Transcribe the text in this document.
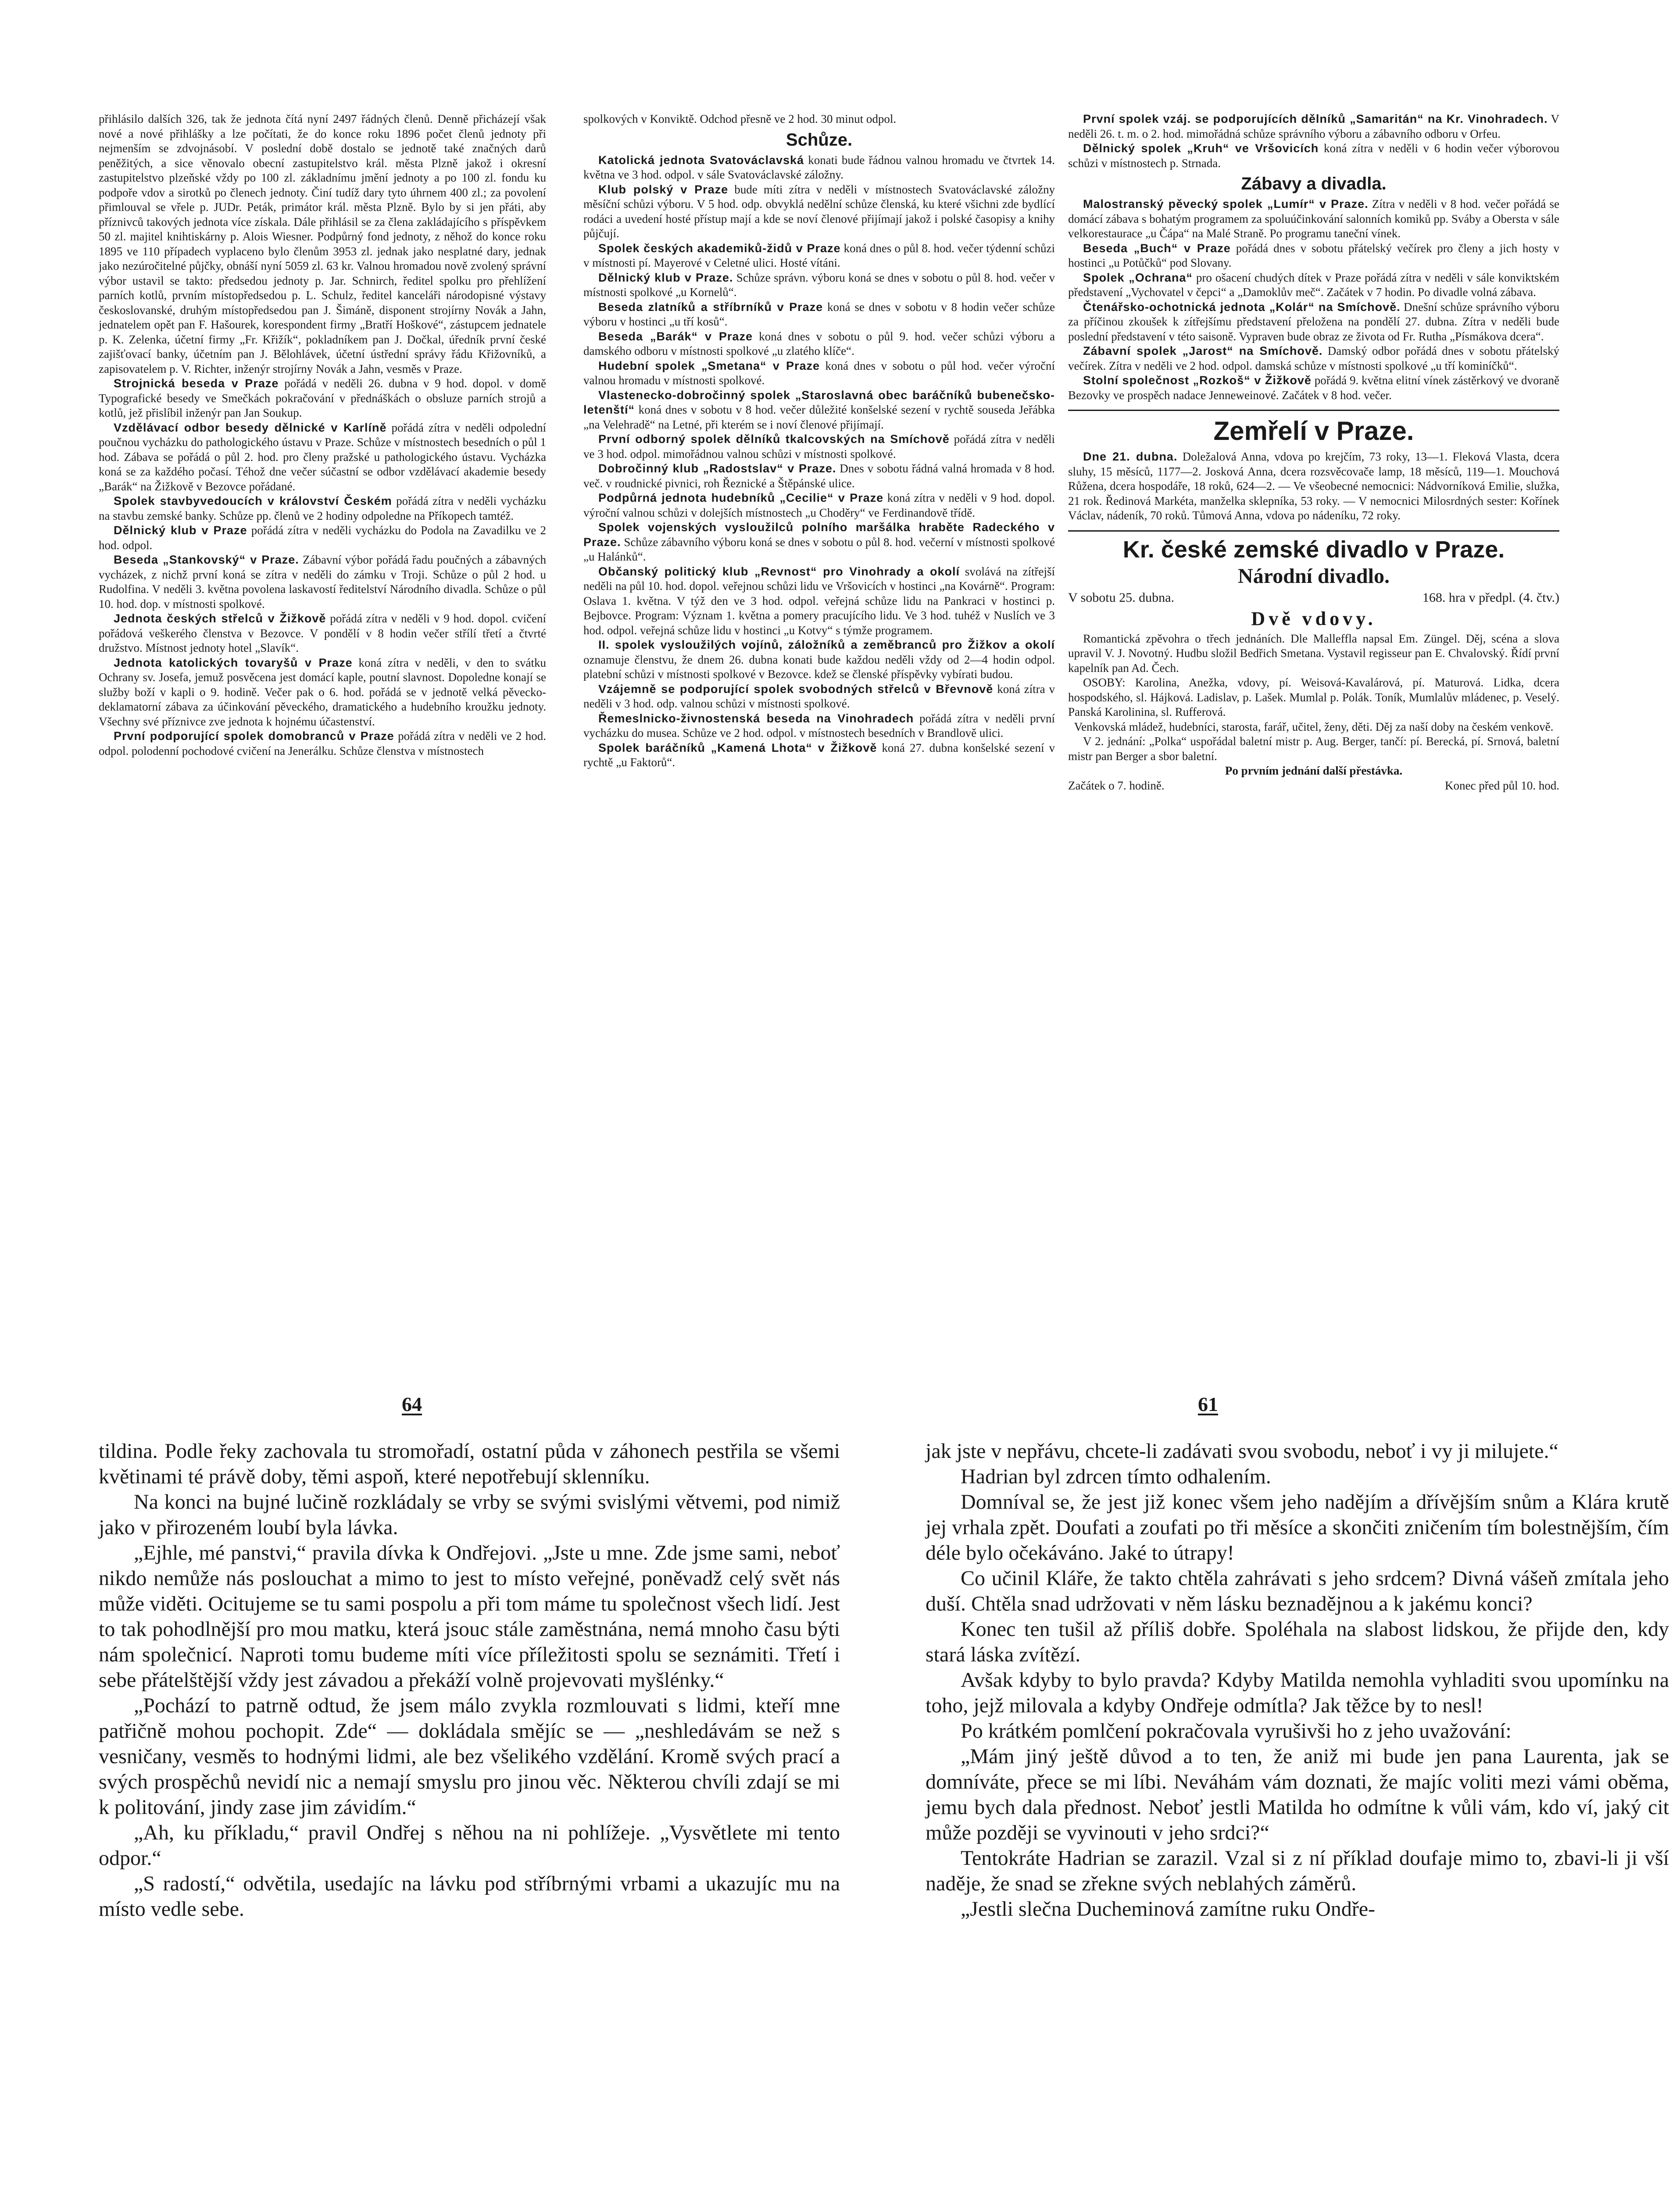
přihlásilo dalších 326, tak že jednota čítá nyní 2497 řádných členů. Denně přicházejí však nové a nové přihlášky a lze počítati, že do konce roku 1896 počet členů jednoty při nejmenším se zdvojnásobí. V poslední době dostalo se jednotě také značných darů peněžitých, a sice věnovalo obecní zastupitelstvo král. města Plzně jakož i okresní zastupitelstvo plzeňské vždy po 100 zl. základnímu jmění jednoty a po 100 zl. fondu ku podpoře vdov a sirotků po členech jednoty. Činí tudíž dary tyto úhrnem 400 zl.; za povolení přimlouval se vřele p. JUDr. Peták, primátor král. města Plzně. Bylo by si jen přáti, aby příznivců takových jednota více získala. Dále přihlásil se za člena zakládajícího s příspěvkem 50 zl. majitel knihtiskárny p. Alois Wiesner. Podpůrný fond jednoty, z něhož do konce roku 1895 ve 110 případech vyplaceno bylo členům 3953 zl. jednak jako nesplatné dary, jednak jako nezúročitelné půjčky, obnáší nyní 5059 zl. 63 kr. Valnou hromadou nově zvolený správní výbor ustavil se takto: předsedou jednoty p. Jar. Schnirch, ředitel spolku pro přehlížení parních kotlů, prvním místopředsedou p. L. Schulz, ředitel kanceláři národopisné výstavy českoslovanské, druhým místopředsedou pan J. Šimáně, disponent strojírny Novák a Jahn, jednatelem opět pan F. Hašourek, korespondent firmy „Bratří Hoškové“, zástupcem jednatele p. K. Zelenka, účetní firmy „Fr. Křižík“, pokladníkem pan J. Dočkal, úředník první české zajišťovací banky, účetním pan J. Bělohlávek, účetní ústřední správy řádu Křižovníků, a zapisovatelem p. V. Richter, inženýr strojírny Novák a Jahn, vesměs v Praze.

Strojnická beseda v Praze pořádá v neděli 26. dubna v 9 hod. dopol. v domě Typografické besedy ve Smečkách pokračování v přednáškách o obsluze parních strojů a kotlů, jež přislíbil inženýr pan Jan Soukup.

Vzdělávací odbor besedy dělnické v Karlíně pořádá zítra v neděli odpolední poučnou vycházku do pathologického ústavu v Praze. Schůze v místnostech besedních o půl 1 hod. Zábava se pořádá o půl 2. hod. pro členy pražské u pathologického ústavu. Vycházka koná se za každého počasí. Téhož dne večer súčastní se odbor vzdělávací akademie besedy „Barák“ na Žižkově v Bezovce pořádané.

Spolek stavbyvedoucích v království Českém pořádá zítra v neděli vycházku na stavbu zemské banky. Schůze pp. členů ve 2 hodiny odpoledne na Příkopech tamtéž.

Dělnický klub v Praze pořádá zítra v neděli vycházku do Podola na Zavadilku ve 2 hod. odpol.

Beseda „Stankovský“ v Praze. Zábavní výbor pořádá řadu poučných a zábavných vycházek, z nichž první koná se zítra v neděli do zámku v Troji. Schůze o půl 2 hod. u Rudolfina. V neděli 3. května povolena laskavostí ředitelství Národního divadla. Schůze o půl 10. hod. dop. v místnosti spolkové.

Jednota českých střelců v Žižkově pořádá zítra v neděli v 9 hod. dopol. cvičení pořádová veškerého členstva v Bezovce. V pondělí v 8 hodin večer střílí třetí a čtvrté družstvo. Místnost jednoty hotel „Slavík“.

Jednota katolických tovaryšů v Praze koná zítra v neděli, v den to svátku Ochrany sv. Josefa, jemuž posvěcena jest domácí kaple, poutní slavnost. Dopoledne konají se služby boží v kapli o 9. hodině. Večer pak o 6. hod. pořádá se v jednotě velká pěvecko-deklamatorní zábava za účinkování pěveckého, dramatického a hudebního kroužku jednoty. Všechny své příznivce zve jednota k hojnému účastenství.

První podporující spolek domobranců v Praze pořádá zítra v neděli ve 2 hod. odpol. polodenní pochodové cvičení na Jenerálku. Schůze členstva v místnostech

spolkových v Konviktě. Odchod přesně ve 2 hod. 30 minut odpol.

Schůze.

Katolická jednota Svatováclavská konati bude řádnou valnou hromadu ve čtvrtek 14. května ve 3 hod. odpol. v sále Svatováclavské záložny.

Klub polský v Praze bude míti zítra v neděli v místnostech Svatováclavské záložny měsíční schůzi výboru. V 5 hod. odp. obvyklá nedělní schůze členská, ku které všichni zde bydlící rodáci a uvedení hosté přístup mají a kde se noví členové přijímají jakož i polské časopisy a knihy půjčují.

Spolek českých akademiků-židů v Praze koná dnes o půl 8. hod. večer týdenní schůzi v místnosti pí. Mayerové v Celetné ulici. Hosté vítáni.

Dělnický klub v Praze. Schůze správn. výboru koná se dnes v sobotu o půl 8. hod. večer v místnosti spolkové „u Kornelů“.

Beseda zlatníků a stříbrníků v Praze koná se dnes v sobotu v 8 hodin večer schůze výboru v hostinci „u tří kosů“.

Beseda „Barák“ v Praze koná dnes v sobotu o půl 9. hod. večer schůzi výboru a damského odboru v místnosti spolkové „u zlatého klíče“.

Hudební spolek „Smetana“ v Praze koná dnes v sobotu o půl hod. večer výroční valnou hromadu v místnosti spolkové.

Vlastenecko-dobročinný spolek „Staroslavná obec baráčníků bubenečsko-letenští“ koná dnes v sobotu v 8 hod. večer důležité konšelské sezení v rychtě souseda Jeřábka „na Velehradě“ na Letné, při kterém se i noví členové přijímají.

První odborný spolek dělníků tkalcovských na Smíchově pořádá zítra v neděli ve 3 hod. odpol. mimořádnou valnou schůzi v místnosti spolkové.

Dobročinný klub „Radostslav“ v Praze. Dnes v sobotu řádná valná hromada v 8 hod. več. v roudnické pivnici, roh Řeznické a Štěpánské ulice.

Podpůrná jednota hudebníků „Cecilie“ v Praze koná zítra v neděli v 9 hod. dopol. výroční valnou schůzi v dolejších místnostech „u Choděry“ ve Ferdinandově třídě.

Spolek vojenských vysloužilců polního maršálka hraběte Radeckého v Praze. Schůze zábavního výboru koná se dnes v sobotu o půl 8. hod. večerní v místnosti spolkové „u Halánků“.

Občanský politický klub „Revnost“ pro Vinohrady a okolí svolává na zítřejší neděli na půl 10. hod. dopol. veřejnou schůzi lidu ve Vršovicích v hostinci „na Kovárně“. Program: Oslava 1. května. V týž den ve 3 hod. odpol. veřejná schůze lidu na Pankraci v hostinci p. Bejbovce. Program: Význam 1. května a pomery pracujícího lidu. Ve 3 hod. tuhéž v Nuslích ve 3 hod. odpol. veřejná schůze lidu v hostinci „u Kotvy“ s týmže programem.

II. spolek vysloužilých vojínů, záložníků a zeměbranců pro Žižkov a okolí oznamuje členstvu, že dnem 26. dubna konati bude každou neděli vždy od 2—4 hodin odpol. platební schůzi v místnosti spolkové v Bezovce. kdež se členské příspěvky vybírati budou.

Vzájemně se podporující spolek svobodných střelců v Břevnově koná zítra v neděli v 3 hod. odp. valnou schůzi v místnosti spolkové.

Řemeslnicko-živnostenská beseda na Vinohradech pořádá zítra v neděli první vycházku do musea. Schůze ve 2 hod. odpol. v místnostech besedních v Brandlově ulici.

Spolek baráčníků „Kamená Lhota“ v Žižkově koná 27. dubna konšelské sezení v rychtě „u Faktorů“.

První spolek vzáj. se podporujících dělníků „Samaritán“ na Kr. Vinohradech. V neděli 26. t. m. o 2. hod. mimořádná schůze správního výboru a zábavního odboru v Orfeu.

Dělnický spolek „Kruh“ ve Vršovicích koná zítra v neděli v 6 hodin večer výborovou schůzi v místnostech p. Strnada.

Zábavy a divadla.

Malostranský pěvecký spolek „Lumír“ v Praze. Zítra v neděli v 8 hod. večer pořádá se domácí zábava s bohatým programem za spoluúčinkování salonních komiků pp. Sváby a Obersta v sále velkorestaurace „u Čápa“ na Malé Straně. Po programu taneční vínek.

Beseda „Buch“ v Praze pořádá dnes v sobotu přátelský večírek pro členy a jich hosty v hostinci „u Potůčků“ pod Slovany.

Spolek „Ochrana“ pro ošacení chudých dítek v Praze pořádá zítra v neděli v sále konviktském představení „Vychovatel v čepci“ a „Damoklův meč“. Začátek v 7 hodin. Po divadle volná zábava.

Čtenářsko-ochotnická jednota „Kolár“ na Smíchově. Dnešní schůze správního výboru za příčinou zkoušek k zítřejšímu představení přeložena na pondělí 27. dubna. Zítra v neděli bude poslední představení v této saisoně. Vypraven bude obraz ze života od Fr. Rutha „Písmákova dcera“.

Zábavní spolek „Jarost“ na Smíchově. Damský odbor pořádá dnes v sobotu přátelský večírek. Zítra v neděli ve 2 hod. odpol. damská schůze v místnosti spolkové „u tří kominíčků“.

Stolní společnost „Rozkoš“ v Žižkově pořádá 9. května elitní vínek zástěrkový ve dvoraně Bezovky ve prospěch nadace Jenneweinové. Začátek v 8 hod. večer.

Zemřelí v Praze.

Dne 21. dubna. Doležalová Anna, vdova po krejčím, 73 roky, 13—1. Fleková Vlasta, dcera sluhy, 15 měsíců, 1177—2. Josková Anna, dcera rozsvěcovače lamp, 18 měsíců, 119—1. Mouchová Růžena, dcera hospodáře, 18 roků, 624—2. — Ve všeobecné nemocnici: Nádvorníková Emilie, služka, 21 rok. Ředinová Markéta, manželka sklepníka, 53 roky. — V nemocnici Milosrdných sester: Kořínek Václav, nádeník, 70 roků. Tůmová Anna, vdova po nádeníku, 72 roky.

Kr. české zemské divadlo v Praze.
Národní divadlo.
V sobotu 25. dubna.	168. hra v předpl. (4. čtv.)
Dvě vdovy.

Romantická zpěvohra o třech jednáních. Dle Malleffla napsal Em. Züngel. Děj, scéna a slova upravil V. J. Novotný. Hudbu složil Bedřich Smetana. Vystavil regisseur pan E. Chvalovský. Řídí první kapelník pan Ad. Čech.

OSOBY: Karolina, Anežka, vdovy, pí. Weisová-Kavalárová, pí. Maturová. Lidka, dcera hospodského, sl. Hájková. Ladislav, p. Lašek. Mumlal p. Polák. Toník, Mumlalův mládenec, p. Veselý. Panská Karolinina, sl. Rufferová.

Venkovská mládež, hudebníci, starosta, farář, učitel, ženy, děti. Děj za naší doby na českém venkově.

V 2. jednání: „Polka“ uspořádal baletní mistr p. Aug. Berger, tančí: pí. Berecká, pí. Srnová, baletní mistr pan Berger a sbor baletní.

Po prvním jednání další přestávka.

Začátek o 7. hodině.	Konec před půl 10. hod.
64	61

tildina. Podle řeky zachovala tu stromořadí, ostatní půda v záhonech pestřila se všemi květinami té právě doby, těmi aspoň, které nepotřebují sklenníku.

Na konci na bujné lučině rozkládaly se vrby se svými svislými větvemi, pod nimiž jako v přirozeném loubí byla lávka.

„Ejhle, mé panstvi,“ pravila dívka k Ondřejovi. „Jste u mne. Zde jsme sami, neboť nikdo nemůže nás poslouchat a mimo to jest to místo veřejné, poněvadž celý svět nás může viděti. Ocitujeme se tu sami pospolu a při tom máme tu společnost všech lidí. Jest to tak pohodlnější pro mou matku, která jsouc stále zaměstnána, nemá mnoho času býti nám společnicí. Naproti tomu budeme míti více příležitosti spolu se seznámiti. Třetí i sebe přátelštější vždy jest závadou a překáží volně projevovati myšlénky.“

„Pochází to patrně odtud, že jsem málo zvykla rozmlouvati s lidmi, kteří mne patřičně mohou pochopit. Zde“ — dokládala smějíc se — „neshledávám se než s vesničany, vesměs to hodnými lidmi, ale bez všelikého vzdělání. Kromě svých prací a svých prospěchů nevidí nic a nemají smyslu pro jinou věc. Některou chvíli zdají se mi k politování, jindy zase jim závidím.“

„Ah, ku příkladu,“ pravil Ondřej s něhou na ni pohlížeje. „Vysvětlete mi tento odpor.“

„S radostí,“ odvětila, usedajíc na lávku pod stříbrnými vrbami a ukazujíc mu na místo vedle sebe.

jak jste v nepřávu, chcete-li zadávati svou svobodu, neboť i vy ji milujete.“

Hadrian byl zdrcen tímto odhalením.

Domníval se, že jest již konec všem jeho nadějím a dřívějším snům a Klára krutě jej vrhala zpět. Doufati a zoufati po tři měsíce a skončiti zničením tím bolestnějším, čím déle bylo očekáváno. Jaké to útrapy!

Co učinil Kláře, že takto chtěla zahrávati s jeho srdcem? Divná vášeň zmítala jeho duší. Chtěla snad udržovati v něm lásku beznadějnou a k jakému konci?

Konec ten tušil až příliš dobře. Spoléhala na slabost lidskou, že přijde den, kdy stará láska zvítězí.

Avšak kdyby to bylo pravda? Kdyby Matilda nemohla vyhladiti svou upomínku na toho, jejž milovala a kdyby Ondřeje odmítla? Jak těžce by to nesl!

Po krátkém pomlčení pokračovala vyrušivši ho z jeho uvažování:

„Mám jiný ještě důvod a to ten, že aniž mi bude jen pana Laurenta, jak se domníváte, přece se mi líbi. Neváhám vám doznati, že majíc voliti mezi vámi oběma, jemu bych dala přednost. Neboť jestli Matilda ho odmítne k vůli vám, kdo ví, jaký cit může později se vyvinouti v jeho srdci?“

Tentokráte Hadrian se zarazil. Vzal si z ní příklad doufaje mimo to, zbavi-li ji vší naděje, že snad se zřekne svých neblahých záměrů.

„Jestli slečna Ducheminová zamítne ruku Ondře-
